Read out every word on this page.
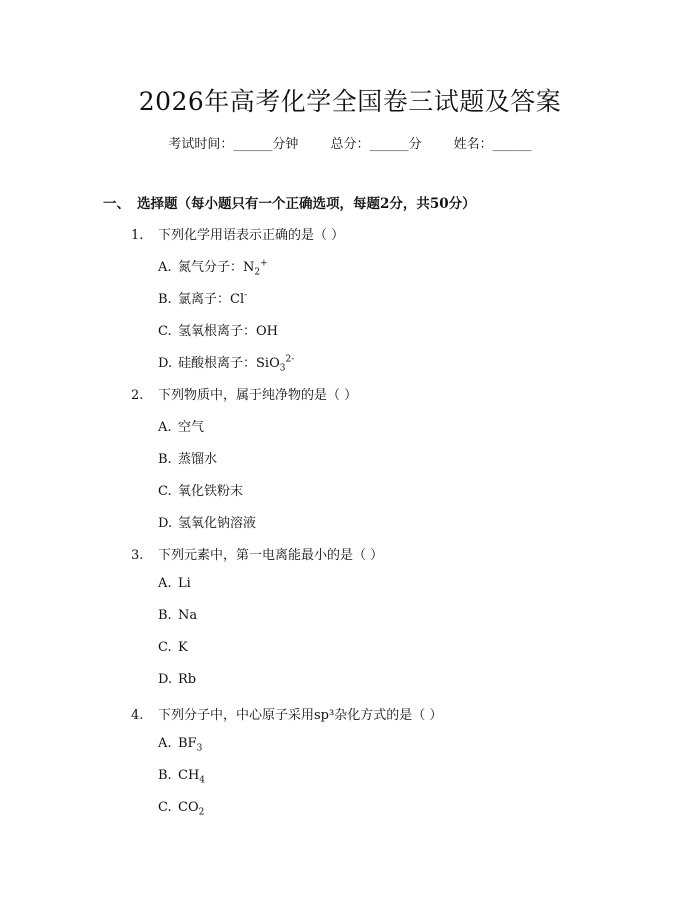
2026年高考化学全国卷三试题及答案
考试时间：______分钟 总分：______分 姓名：______
一、 选择题（每小题只有一个正确选项，每题2分，共50分）
1. 下列化学用语表示正确的是（ ）
A. 氮气分子：$N_2^+$
B. 氯离子：Cl-
C. 氢氧根离子：OH
D. 硅酸根离子：SiO$_3^{2-}$
2. 下列物质中，属于纯净物的是（ ）
A. 空气
B. 蒸馏水
C. 氧化铁粉末
D. 氢氧化钠溶液
3. 下列元素中，第一电离能最小的是（ ）
A. Li
B. Na
C. K
D. Rb
4. 下列分子中，中心原子采用sp³杂化方式的是（ ）
A. $BF_3$
B. $CH_4$
C. $CO_2$
